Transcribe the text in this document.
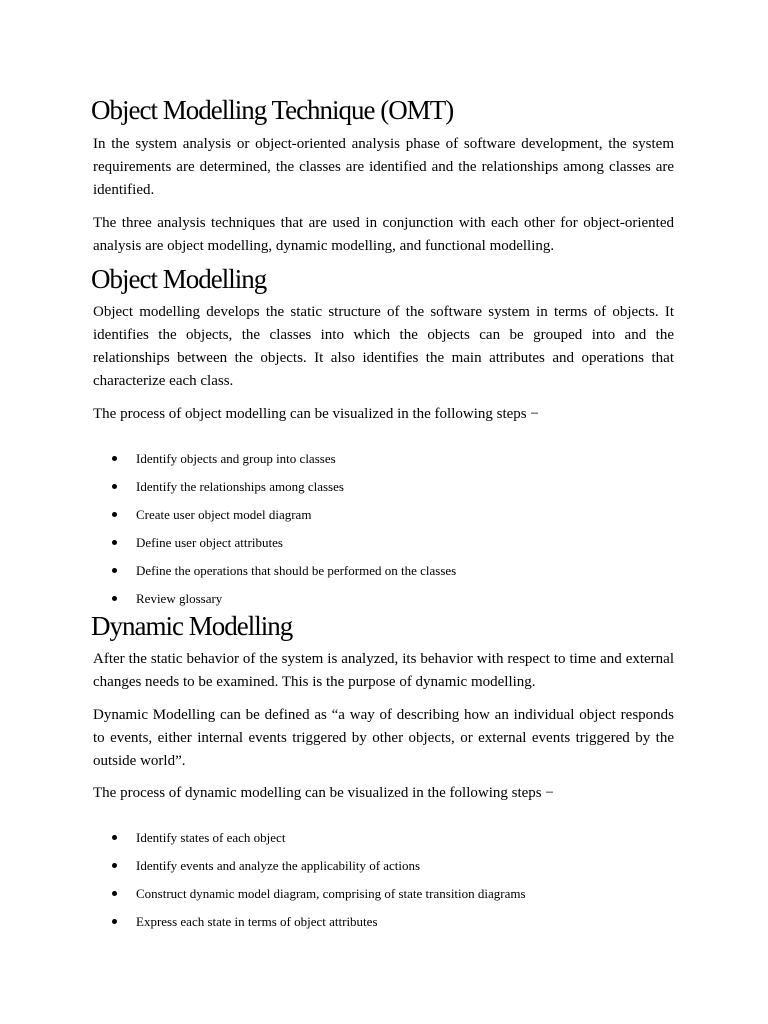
Object Modelling Technique (OMT)

In the system analysis or object-oriented analysis phase of software development, the system requirements are determined, the classes are identified and the relationships among classes are identified.

The three analysis techniques that are used in conjunction with each other for object-oriented analysis are object modelling, dynamic modelling, and functional modelling.

Object Modelling

Object modelling develops the static structure of the software system in terms of objects. It identifies the objects, the classes into which the objects can be grouped into and the relationships between the objects. It also identifies the main attributes and operations that characterize each class.

The process of object modelling can be visualized in the following steps −

Identify objects and group into classes
Identify the relationships among classes
Create user object model diagram
Define user object attributes
Define the operations that should be performed on the classes
Review glossary
Dynamic Modelling

After the static behavior of the system is analyzed, its behavior with respect to time and external changes needs to be examined. This is the purpose of dynamic modelling.

Dynamic Modelling can be defined as “a way of describing how an individual object responds to events, either internal events triggered by other objects, or external events triggered by the outside world”.

The process of dynamic modelling can be visualized in the following steps −

Identify states of each object
Identify events and analyze the applicability of actions
Construct dynamic model diagram, comprising of state transition diagrams
Express each state in terms of object attributes
